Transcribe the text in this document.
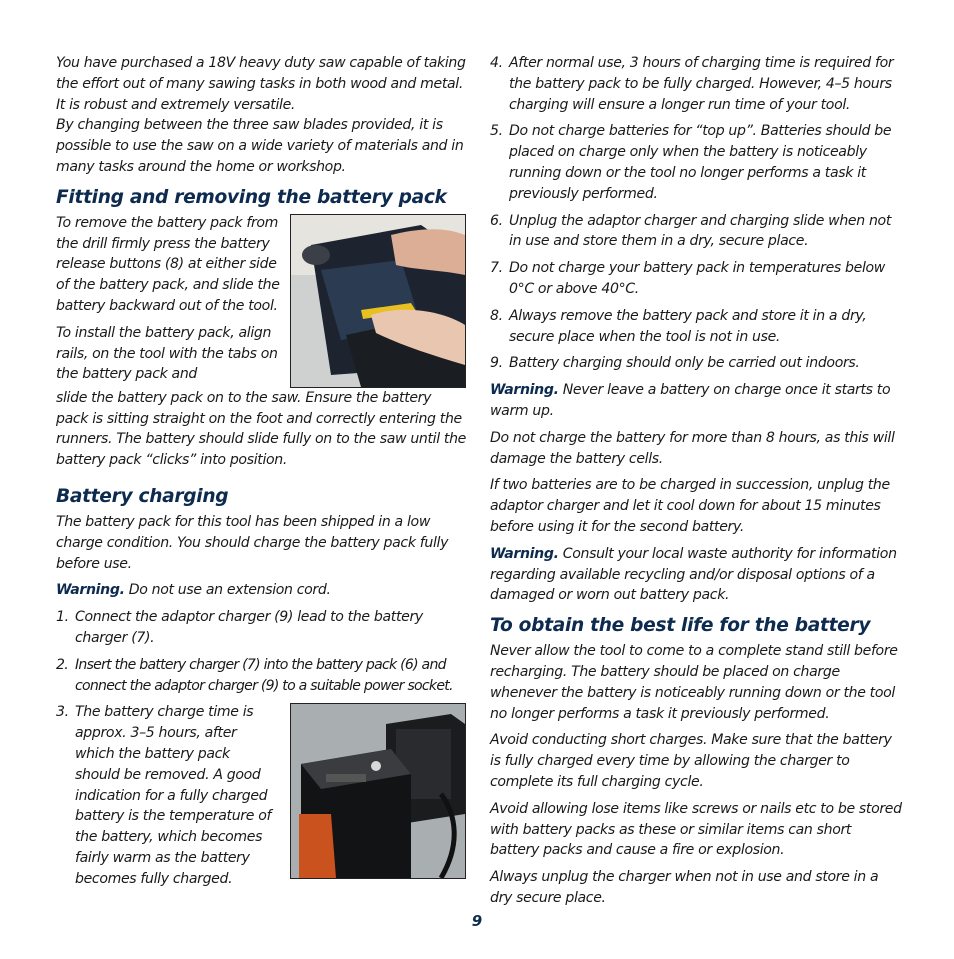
You have purchased a 18V heavy duty saw capable of taking the effort out of many sawing tasks in both wood and metal. It is robust and extremely versatile.

By changing between the three saw blades provided, it is possible to use the saw on a wide variety of materials and in many tasks around the home or workshop.

Fitting and removing the battery pack

To remove the battery pack from the drill firmly press the battery release buttons (8) at either side of the battery pack, and slide the battery backward out of the tool.

To install the battery pack, align rails, on the tool with the tabs on the battery pack and

slide the battery pack on to the saw. Ensure the battery pack is sitting straight on the foot and correctly entering the runners. The battery should slide fully on to the saw until the battery pack “clicks” into position.

Battery charging

The battery pack for this tool has been shipped in a low charge condition. You should charge the battery pack fully before use.

Warning. Do not use an extension cord.

1. Connect the adaptor charger (9) lead to the battery charger (7).

2. Insert the battery charger (7) into the battery pack (6) and connect the adaptor charger (9) to a suitable power socket.

3. The battery charge time is approx. 3–5 hours, after which the battery pack should be removed. A good indication for a fully charged battery is the temperature of the battery, which becomes fairly warm as the battery becomes fully charged.

4. After normal use, 3 hours of charging time is required for the battery pack to be fully charged. However, 4–5 hours charging will ensure a longer run time of your tool.

5. Do not charge batteries for “top up”. Batteries should be placed on charge only when the battery is noticeably running down or the tool no longer performs a task it previously performed.

6. Unplug the adaptor charger and charging slide when not in use and store them in a dry, secure place.

7. Do not charge your battery pack in temperatures below 0°C or above 40°C.

8. Always remove the battery pack and store it in a dry, secure place when the tool is not in use.

9. Battery charging should only be carried out indoors.

Warning. Never leave a battery on charge once it starts to warm up.

Do not charge the battery for more than 8 hours, as this will damage the battery cells.

If two batteries are to be charged in succession, unplug the adaptor charger and let it cool down for about 15 minutes before using it for the second battery.

Warning. Consult your local waste authority for information regarding available recycling and/or disposal options of a damaged or worn out battery pack.

To obtain the best life for the battery

Never allow the tool to come to a complete stand still before recharging. The battery should be placed on charge whenever the battery is noticeably running down or the tool no longer performs a task it previously performed.

Avoid conducting short charges. Make sure that the battery is fully charged every time by allowing the charger to complete its full charging cycle.

Avoid allowing lose items like screws or nails etc to be stored with battery packs as these or similar items can short battery packs and cause a fire or explosion.

Always unplug the charger when not in use and store in a dry secure place.

9
